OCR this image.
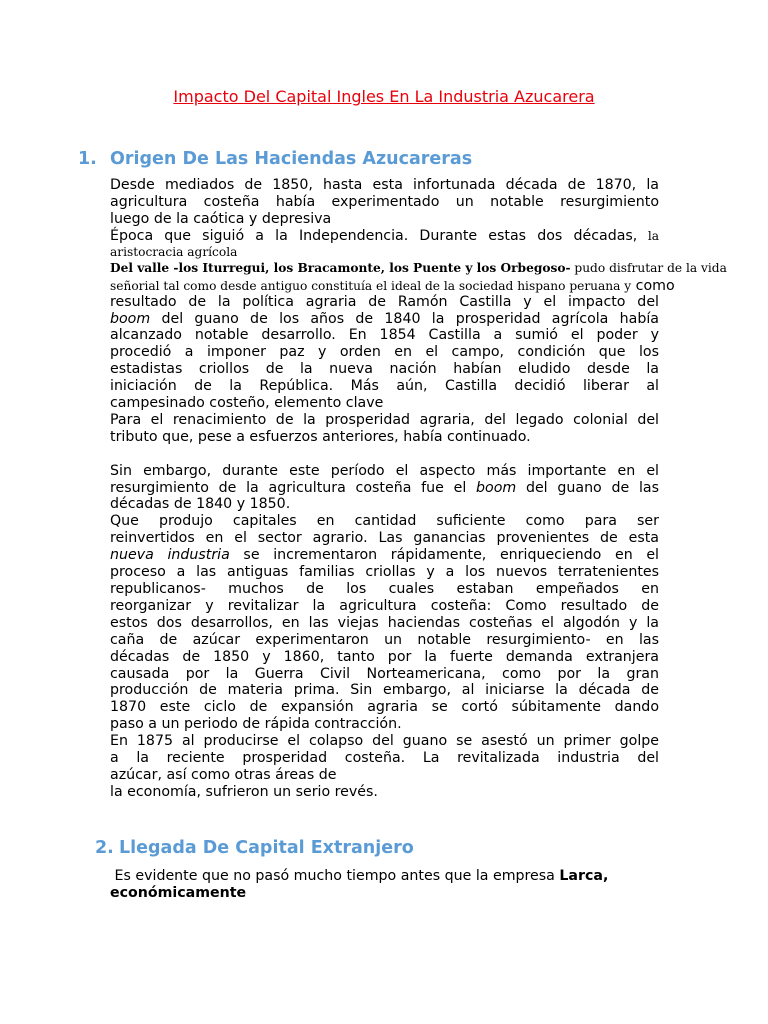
Impacto Del Capital Ingles En La Industria Azucarera
1. Origen De Las Haciendas Azucareras
Desde mediados de 1850, hasta esta infortunada década de 1870, la
agricultura costeña había experimentado un notable resurgimiento
luego de la caótica y depresiva
Época que siguió a la Independencia. Durante estas dos décadas, la
aristocracia agrícola
Del valle -los Iturregui, los Bracamonte, los Puente y los Orbegoso- pudo disfrutar de la vida
señorial tal como desde antiguo constituía el ideal de la sociedad hispano peruana y como
resultado de la política agraria de Ramón Castilla y el impacto del
boom del guano de los años de 1840 la prosperidad agrícola había
alcanzado notable desarrollo. En 1854 Castilla a sumió el poder y
procedió a imponer paz y orden en el campo, condición que los
estadistas criollos de la nueva nación habían eludido desde la
iniciación de la República. Más aún, Castilla decidió liberar al
campesinado costeño, elemento clave
Para el renacimiento de la prosperidad agraria, del legado colonial del
tributo que, pese a esfuerzos anteriores, había continuado.
Sin embargo, durante este período el aspecto más importante en el
resurgimiento de la agricultura costeña fue el boom del guano de las
décadas de 1840 y 1850.
Que produjo capitales en cantidad suficiente como para ser
reinvertidos en el sector agrario. Las ganancias provenientes de esta
nueva industria se incrementaron rápidamente, enriqueciendo en el
proceso a las antiguas familias criollas y a los nuevos terratenientes
republicanos- muchos de los cuales estaban empeñados en
reorganizar y revitalizar la agricultura costeña: Como resultado de
estos dos desarrollos, en las viejas haciendas costeñas el algodón y la
caña de azúcar experimentaron un notable resurgimiento- en las
décadas de 1850 y 1860, tanto por la fuerte demanda extranjera
causada por la Guerra Civil Norteamericana, como por la gran
producción de materia prima. Sin embargo, al iniciarse la década de
1870 este ciclo de expansión agraria se cortó súbitamente dando
paso a un periodo de rápida contracción.
En 1875 al producirse el colapso del guano se asestó un primer golpe
a la reciente prosperidad costeña. La revitalizada industria del
azúcar, así como otras áreas de
la economía, sufrieron un serio revés.
2. Llegada De Capital Extranjero
Es evidente que no pasó mucho tiempo antes que la empresa Larca,
económicamente
